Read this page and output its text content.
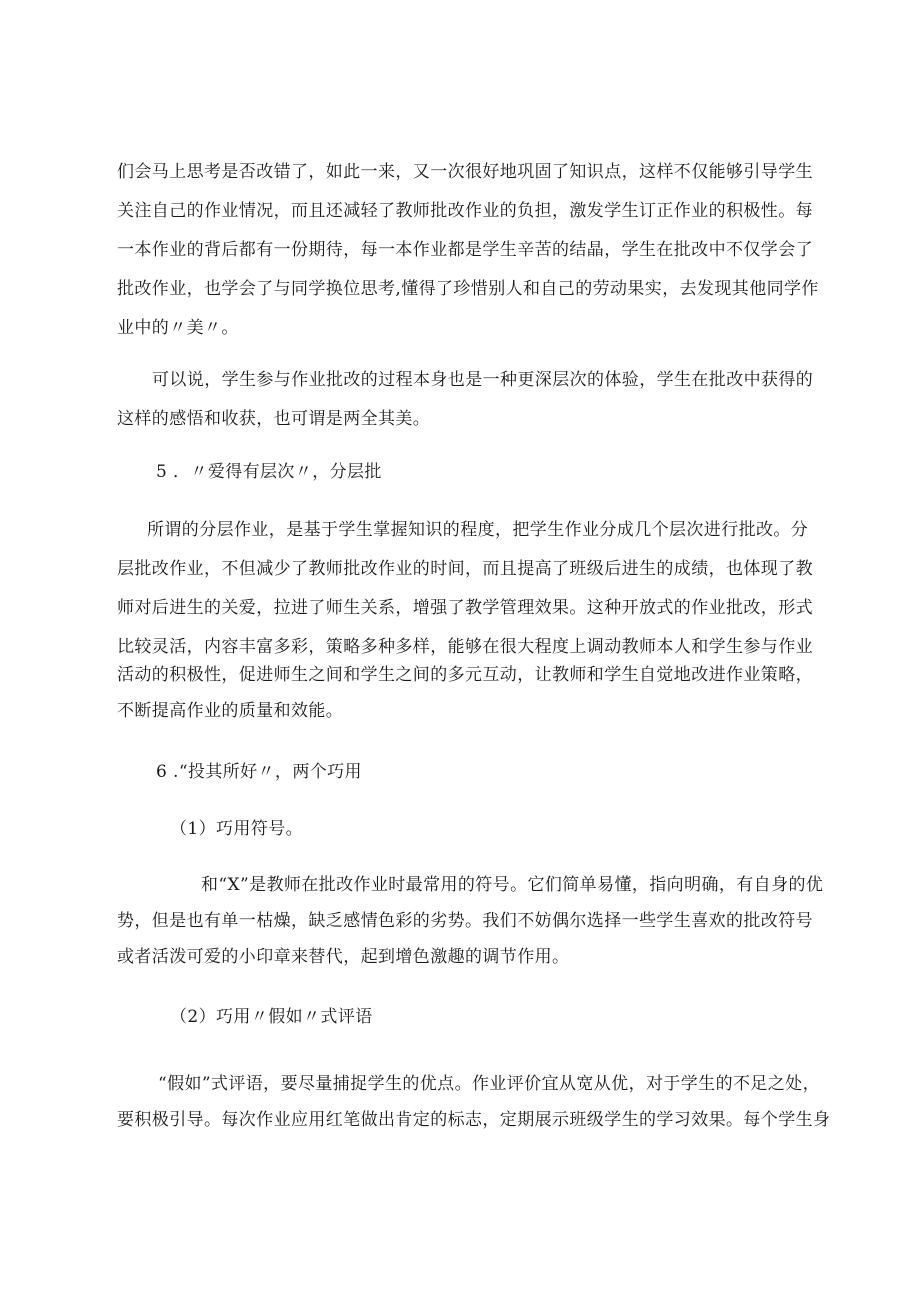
们会马上思考是否改错了，如此一来，又一次很好地巩固了知识点，这样不仅能够引导学生
关注自己的作业情况，而且还减轻了教师批改作业的负担，激发学生订正作业的积极性。每
一本作业的背后都有一份期待，每一本作业都是学生辛苦的结晶，学生在批改中不仅学会了
批改作业，也学会了与同学换位思考,懂得了珍惜别人和自己的劳动果实，去发现其他同学作
业中的〃美〃。
可以说，学生参与作业批改的过程本身也是一种更深层次的体验，学生在批改中获得的
这样的感悟和收获，也可谓是两全其美。
5 ．〃爱得有层次〃，分层批
所谓的分层作业，是基于学生掌握知识的程度，把学生作业分成几个层次进行批改。分
层批改作业，不但减少了教师批改作业的时间，而且提高了班级后进生的成绩，也体现了教
师对后进生的关爱，拉进了师生关系，增强了教学管理效果。这种开放式的作业批改，形式
比较灵活，内容丰富多彩，策略多种多样，能够在很大程度上调动教师本人和学生参与作业
活动的积极性，促进师生之间和学生之间的多元互动，让教师和学生自觉地改进作业策略，
不断提高作业的质量和效能。
6 .“投其所好〃，两个巧用
（1）巧用符号。
和“X”是教师在批改作业时最常用的符号。它们简单易懂，指向明确，有自身的优
势，但是也有单一枯燥，缺乏感情色彩的劣势。我们不妨偶尔选择一些学生喜欢的批改符号
或者活泼可爱的小印章来替代，起到增色激趣的调节作用。
（2）巧用〃假如〃式评语
“假如”式评语，要尽量捕捉学生的优点。作业评价宜从宽从优，对于学生的不足之处，
要积极引导。每次作业应用红笔做出肯定的标志，定期展示班级学生的学习效果。每个学生身
